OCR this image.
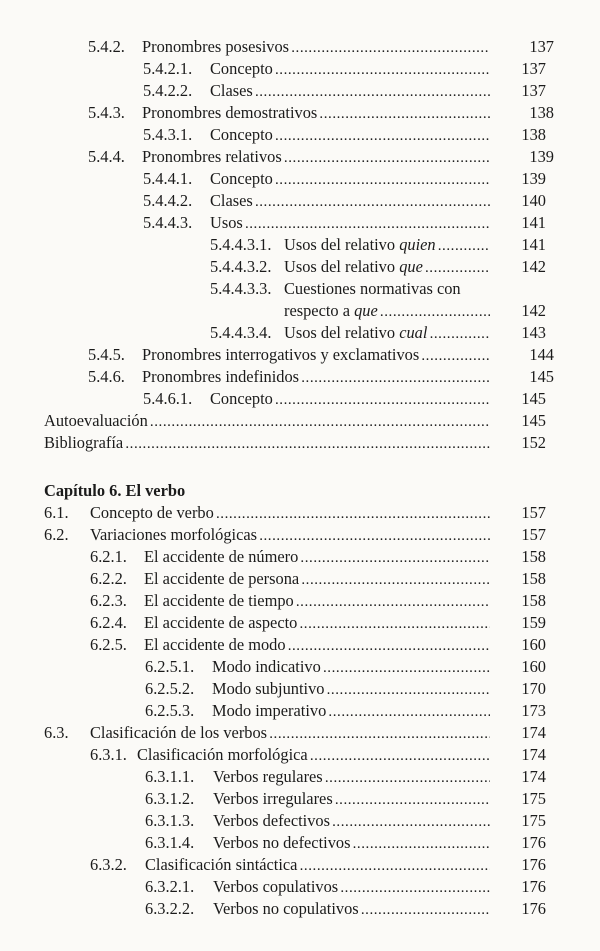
5.4.2. Pronombres posesivos . . .	137
5.4.2.1. Concepto . . .	137
5.4.2.2. Clases . . .	137
5.4.3. Pronombres demostrativos . . .	138
5.4.3.1. Concepto . . .	138
5.4.4. Pronombres relativos . . .	139
5.4.4.1. Concepto . . .	139
5.4.4.2. Clases . . .	140
5.4.4.3. Usos . . .	141
5.4.4.3.1. Usos del relativo quien . . .	141
5.4.4.3.2. Usos del relativo que . . .	142
5.4.4.3.3. Cuestiones normativas con
respecto a que . . .	142
5.4.4.3.4. Usos del relativo cual . . .	143
5.4.5. Pronombres interrogativos y exclamativos . . .	144
5.4.6. Pronombres indefinidos . . .	145
5.4.6.1. Concepto . . .	145
Autoevaluación . . .	145
Bibliografía . . .	152
Capítulo 6. El verbo
6.1. Concepto de verbo . . .	157
6.2. Variaciones morfológicas . . .	157
6.2.1. El accidente de número . . .	158
6.2.2. El accidente de persona . . .	158
6.2.3. El accidente de tiempo . . .	158
6.2.4. El accidente de aspecto . . .	159
6.2.5. El accidente de modo . . .	160
6.2.5.1. Modo indicativo . . .	160
6.2.5.2. Modo subjuntivo . . .	170
6.2.5.3. Modo imperativo . . .	173
6.3. Clasificación de los verbos . . .	174
6.3.1. Clasificación morfológica . . .	174
6.3.1.1. Verbos regulares . . .	174
6.3.1.2. Verbos irregulares . . .	175
6.3.1.3. Verbos defectivos . . .	175
6.3.1.4. Verbos no defectivos . . .	176
6.3.2. Clasificación sintáctica . . .	176
6.3.2.1. Verbos copulativos . . .	176
6.3.2.2. Verbos no copulativos . . .	176
